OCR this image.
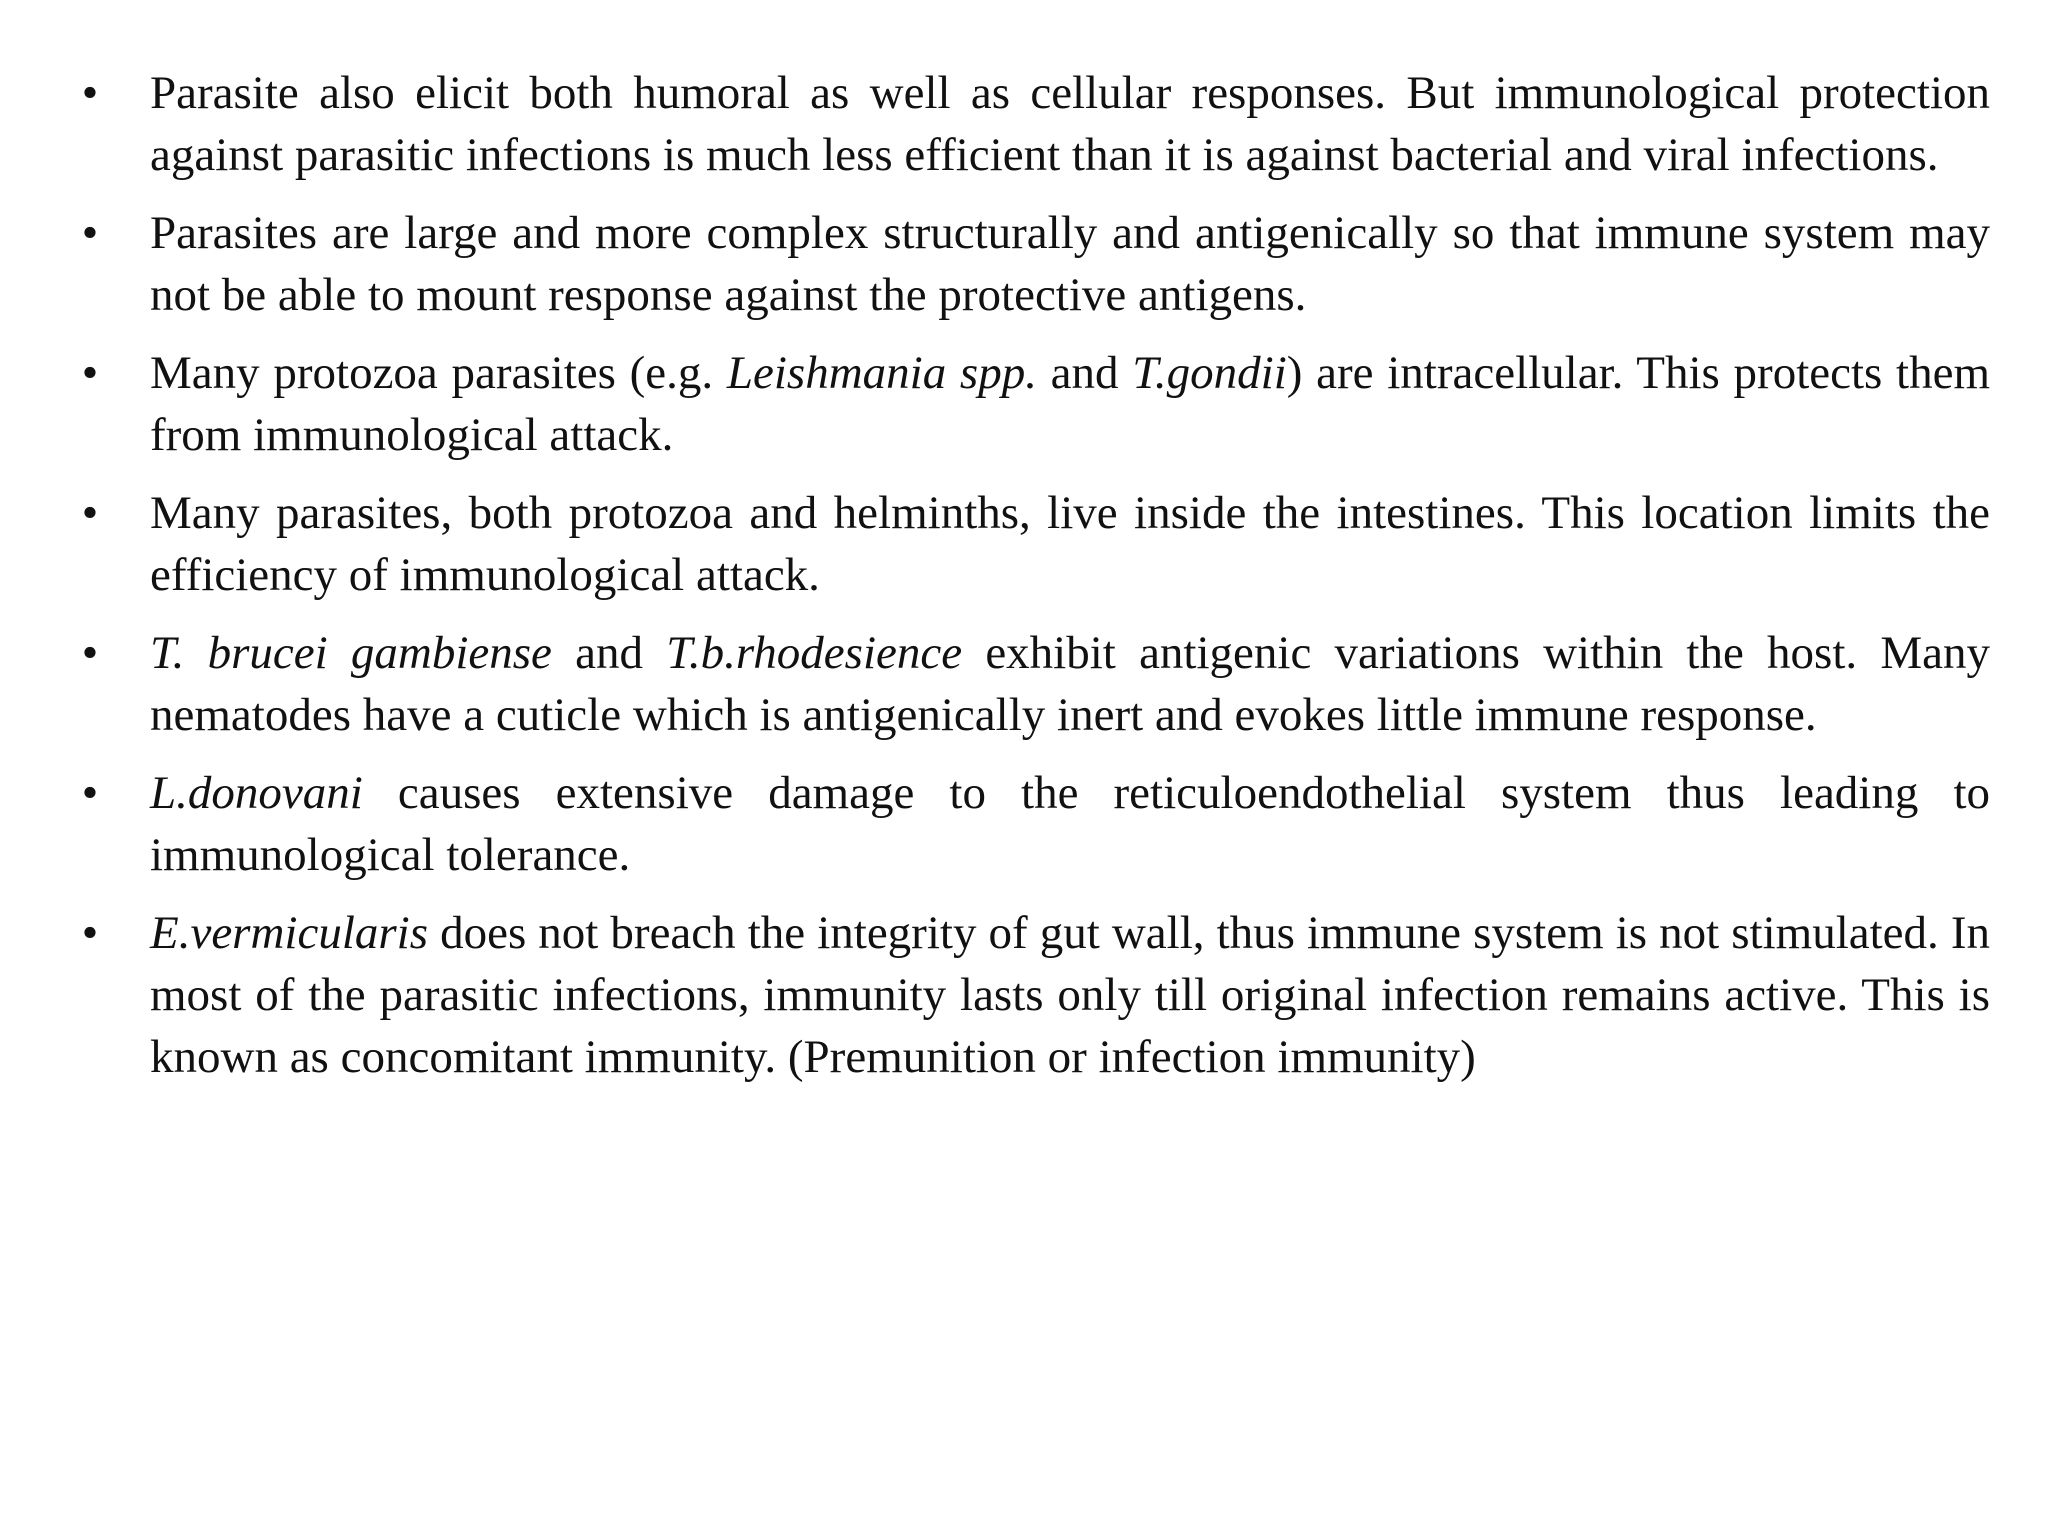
• Parasite also elicit both humoral as well as cellular responses. But immunological protection against parasitic infections is much less efficient than it is against bacterial and viral infections.
• Parasites are large and more complex structurally and antigenically so that immune system may not be able to mount response against the protective antigens.
• Many protozoa parasites (e.g. Leishmania spp. and T.gondii) are intracellular. This protects them from immunological attack.
• Many parasites, both protozoa and helminths, live inside the intestines. This location limits the efficiency of immunological attack.
• T. brucei gambiense and T.b.rhodesience exhibit antigenic variations within the host. Many nematodes have a cuticle which is antigenically inert and evokes little immune response.
• L.donovani causes extensive damage to the reticuloendothelial system thus leading to immunological tolerance.
• E.vermicularis does not breach the integrity of gut wall, thus immune system is not stimulated. In most of the parasitic infections, immunity lasts only till original infection remains active. This is known as concomitant immunity. (Premunition or infection immunity)
